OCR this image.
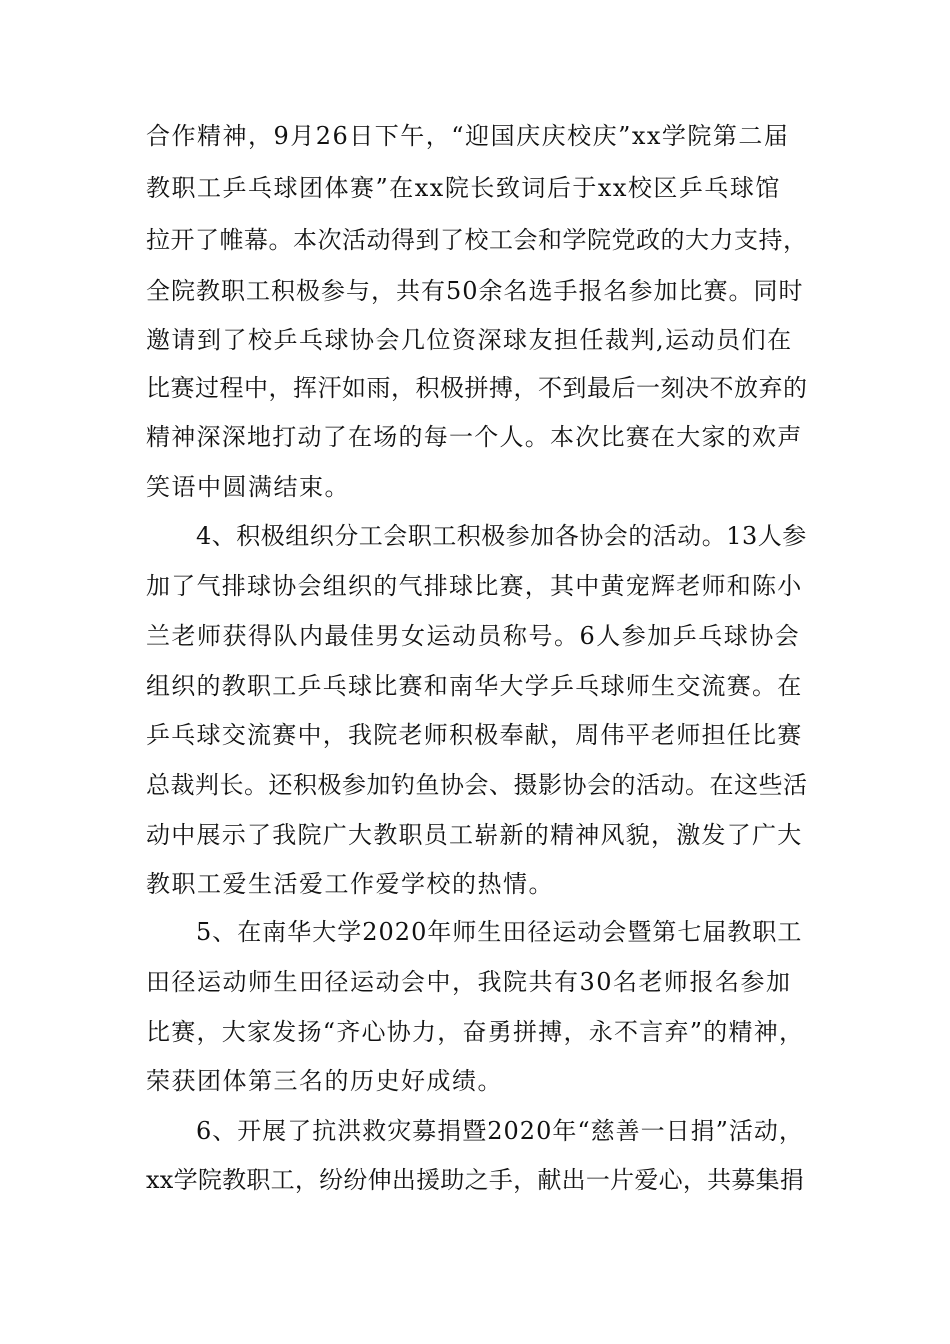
合作精神，9月26日下午，“迎国庆庆校庆”xx学院第二届
教职工乒乓球团体赛”在xx院长致词后于xx校区乒乓球馆
拉开了帷幕。本次活动得到了校工会和学院党政的大力支持，
全院教职工积极参与，共有50余名选手报名参加比赛。同时
邀请到了校乒乓球协会几位资深球友担任裁判,运动员们在
比赛过程中，挥汗如雨，积极拼搏，不到最后一刻决不放弃的
精神深深地打动了在场的每一个人。本次比赛在大家的欢声
笑语中圆满结束。
4、积极组织分工会职工积极参加各协会的活动。13人参
加了气排球协会组织的气排球比赛，其中黄宠辉老师和陈小
兰老师获得队内最佳男女运动员称号。6人参加乒乓球协会
组织的教职工乒乓球比赛和南华大学乒乓球师生交流赛。在
乒乓球交流赛中，我院老师积极奉献，周伟平老师担任比赛
总裁判长。还积极参加钓鱼协会、摄影协会的活动。在这些活
动中展示了我院广大教职员工崭新的精神风貌，激发了广大
教职工爱生活爱工作爱学校的热情。
5、在南华大学2020年师生田径运动会暨第七届教职工
田径运动师生田径运动会中，我院共有30名老师报名参加
比赛，大家发扬“齐心协力，奋勇拼搏，永不言弃”的精神，
荣获团体第三名的历史好成绩。
6、开展了抗洪救灾募捐暨2020年“慈善一日捐”活动，
xx学院教职工，纷纷伸出援助之手，献出一片爱心，共募集捐
